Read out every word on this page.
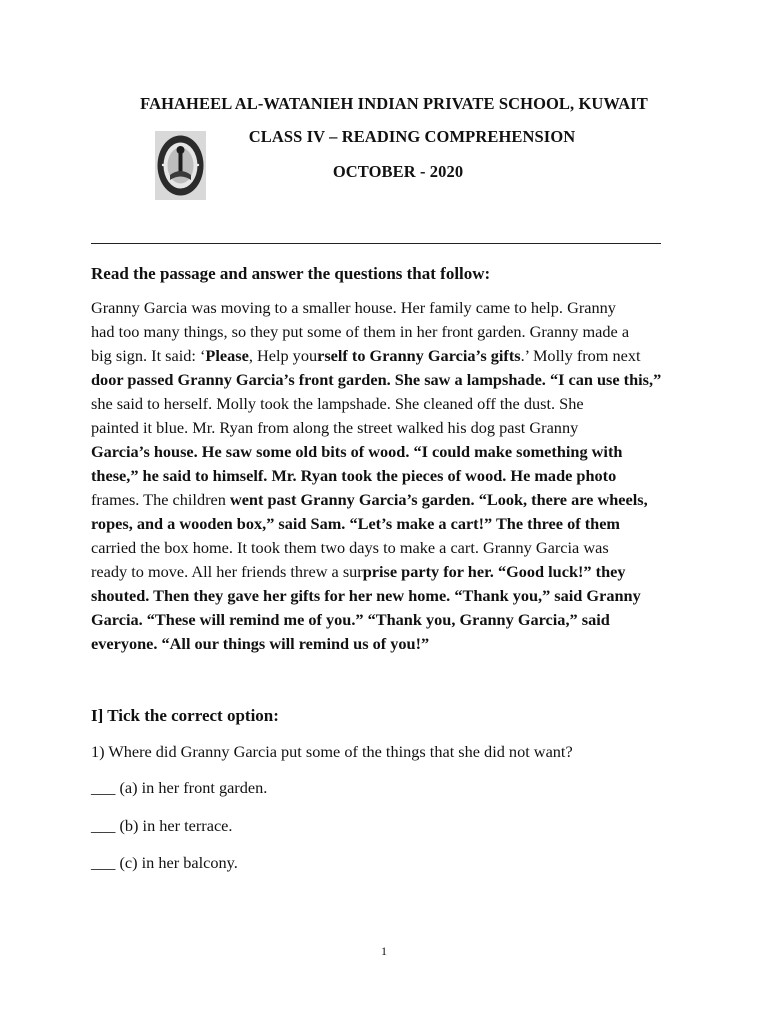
FAHAHEEL AL-WATANIEH INDIAN PRIVATE SCHOOL, KUWAIT
CLASS IV – READING COMPREHENSION
OCTOBER - 2020
Read the passage and answer the questions that follow:
Granny Garcia was moving to a smaller house. Her family came to help. Granny
had too many things, so they put some of them in her front garden. Granny made a
big sign. It said: ‘Please, Help yourself to Granny Garcia’s gifts.’ Molly from next
door passed Granny Garcia’s front garden. She saw a lampshade. “I can use this,”
she said to herself. Molly took the lampshade. She cleaned off the dust. She
painted it blue. Mr. Ryan from along the street walked his dog past Granny
Garcia’s house. He saw some old bits of wood. “I could make something with
these,” he said to himself. Mr. Ryan took the pieces of wood. He made photo
frames. The children went past Granny Garcia’s garden. “Look, there are wheels,
ropes, and a wooden box,” said Sam. “Let’s make a cart!” The three of them
carried the box home. It took them two days to make a cart. Granny Garcia was
ready to move. All her friends threw a surprise party for her. “Good luck!” they
shouted. Then they gave her gifts for her new home. “Thank you,” said Granny
Garcia. “These will remind me of you.” “Thank you, Granny Garcia,” said
everyone. “All our things will remind us of you!”
I] Tick the correct option:
1) Where did Granny Garcia put some of the things that she did not want?
___ (a) in her front garden.
___ (b) in her terrace.
___ (c) in her balcony.
1
